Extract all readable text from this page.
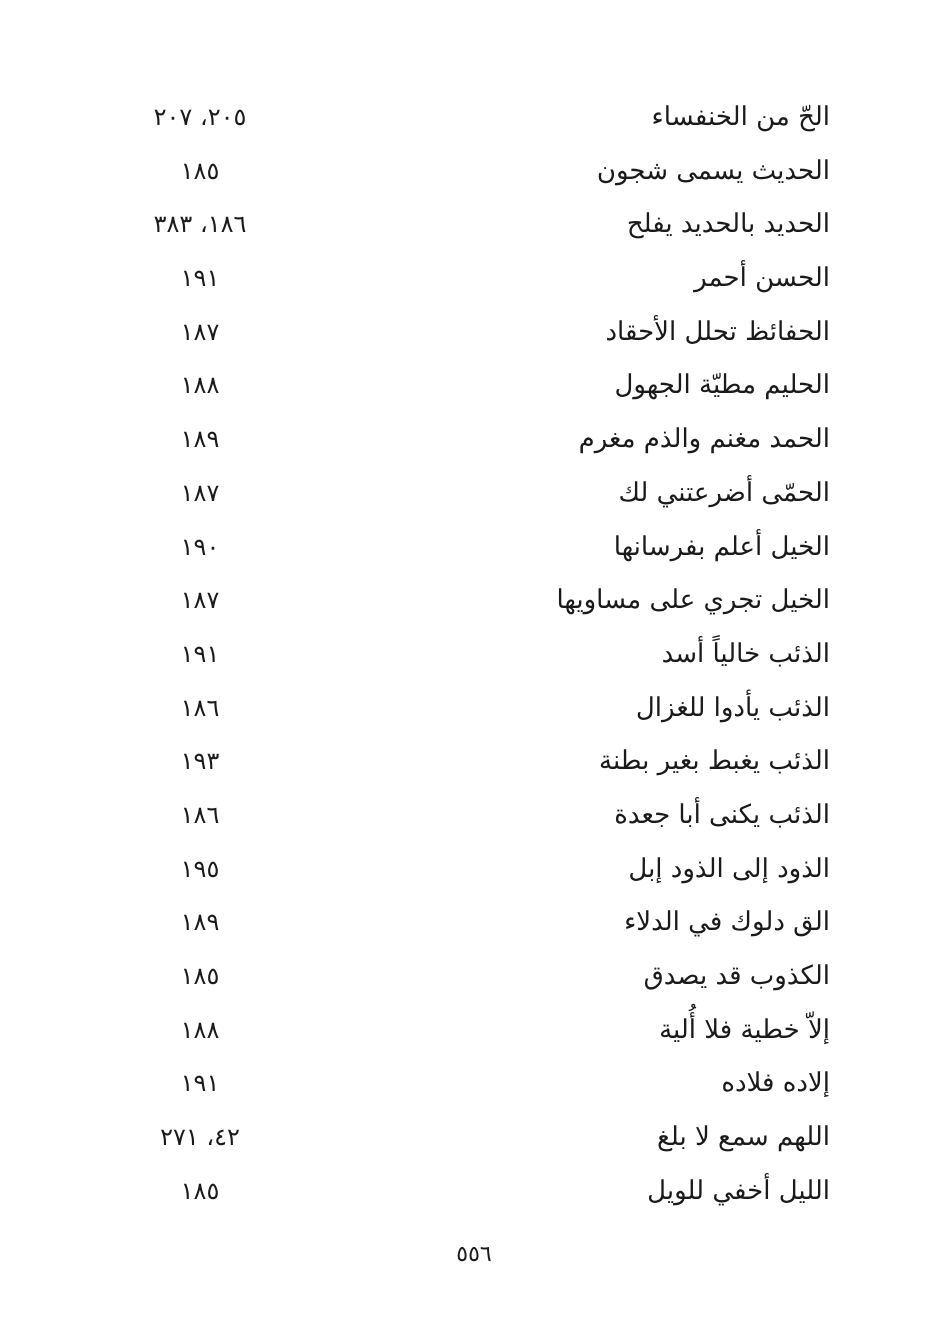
الحّ من الخنفساء
٢٠٥، ٢٠٧
الحديث يسمى شجون
١٨٥
الحديد بالحديد يفلح
١٨٦، ٣٨٣
الحسن أحمر
١٩١
الحفائظ تحلل الأحقاد
١٨٧
الحليم مطيّة الجهول
١٨٨
الحمد مغنم والذم مغرم
١٨٩
الحمّى أضرعتني لك
١٨٧
الخيل أعلم بفرسانها
١٩٠
الخيل تجري على مساويها
١٨٧
الذئب خالياً أسد
١٩١
الذئب يأدوا للغزال
١٨٦
الذئب يغبط بغير بطنة
١٩٣
الذئب يكنى أبا جعدة
١٨٦
الذود إلى الذود إبل
١٩٥
الق دلوك في الدلاء
١٨٩
الكذوب قد يصدق
١٨٥
إلاّ خطية فلا أُلية
١٨٨
إلاده فلاده
١٩١
اللهم سمع لا بلغ
٤٢، ٢٧١
الليل أخفي للويل
١٨٥
٥٥٦
